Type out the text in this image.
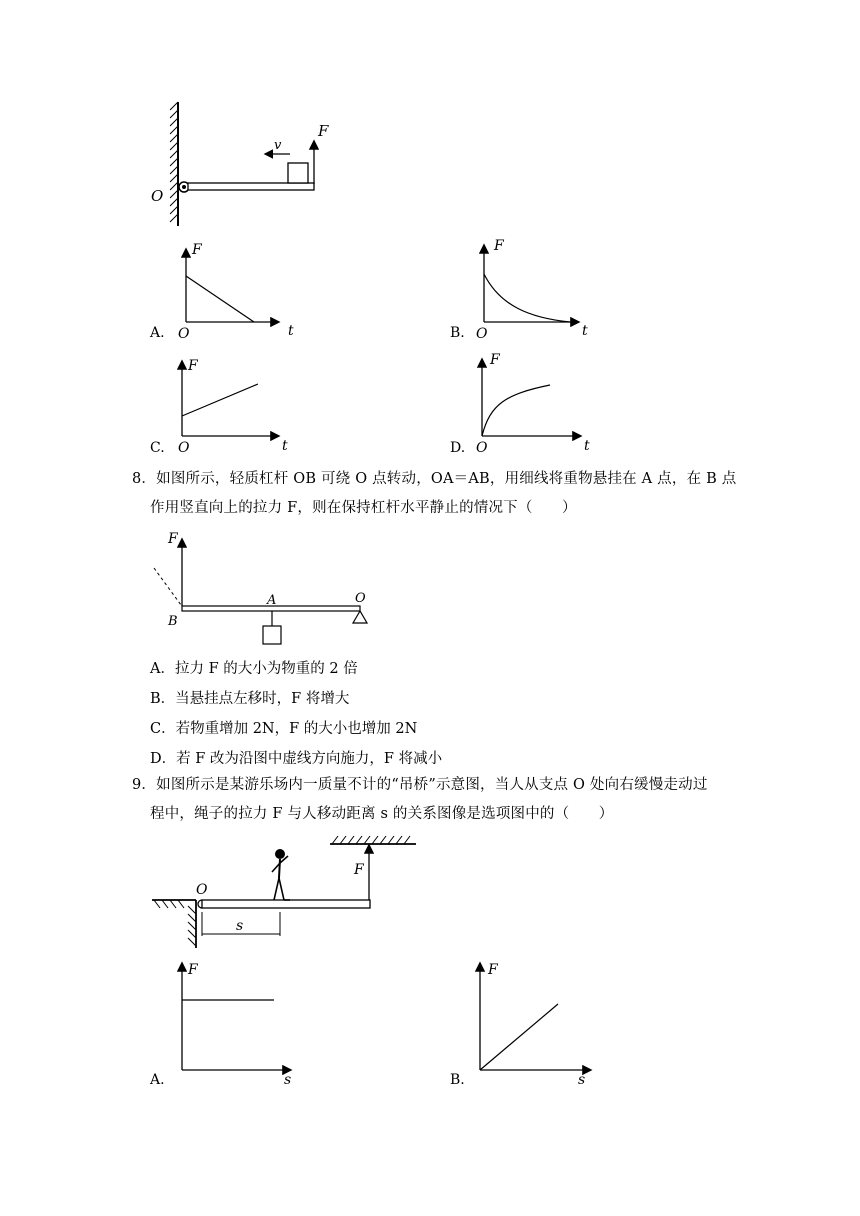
v
F
O
F
O	t
A.
F
O	t
B.
F
O	t
C.
F
O	t
D.
8．如图所示，轻质杠杆 OB 可绕 O 点转动，OA＝AB，用细线将重物悬挂在 A 点，在 B 点
作用竖直向上的拉力 F，则在保持杠杆水平静止的情况下（　　）
F
A	O
B
A．拉力 F 的大小为物重的 2 倍
B．当悬挂点左移时，F 将增大
C．若物重增加 2N，F 的大小也增加 2N
D．若 F 改为沿图中虚线方向施力，F 将减小
9．如图所示是某游乐场内一质量不计的“吊桥”示意图，当人从支点 O 处向右缓慢走动过
程中，绳子的拉力 F 与人移动距离 s 的关系图像是选项图中的（　　）
O
F
s
F
s
A.
F
s
B.
